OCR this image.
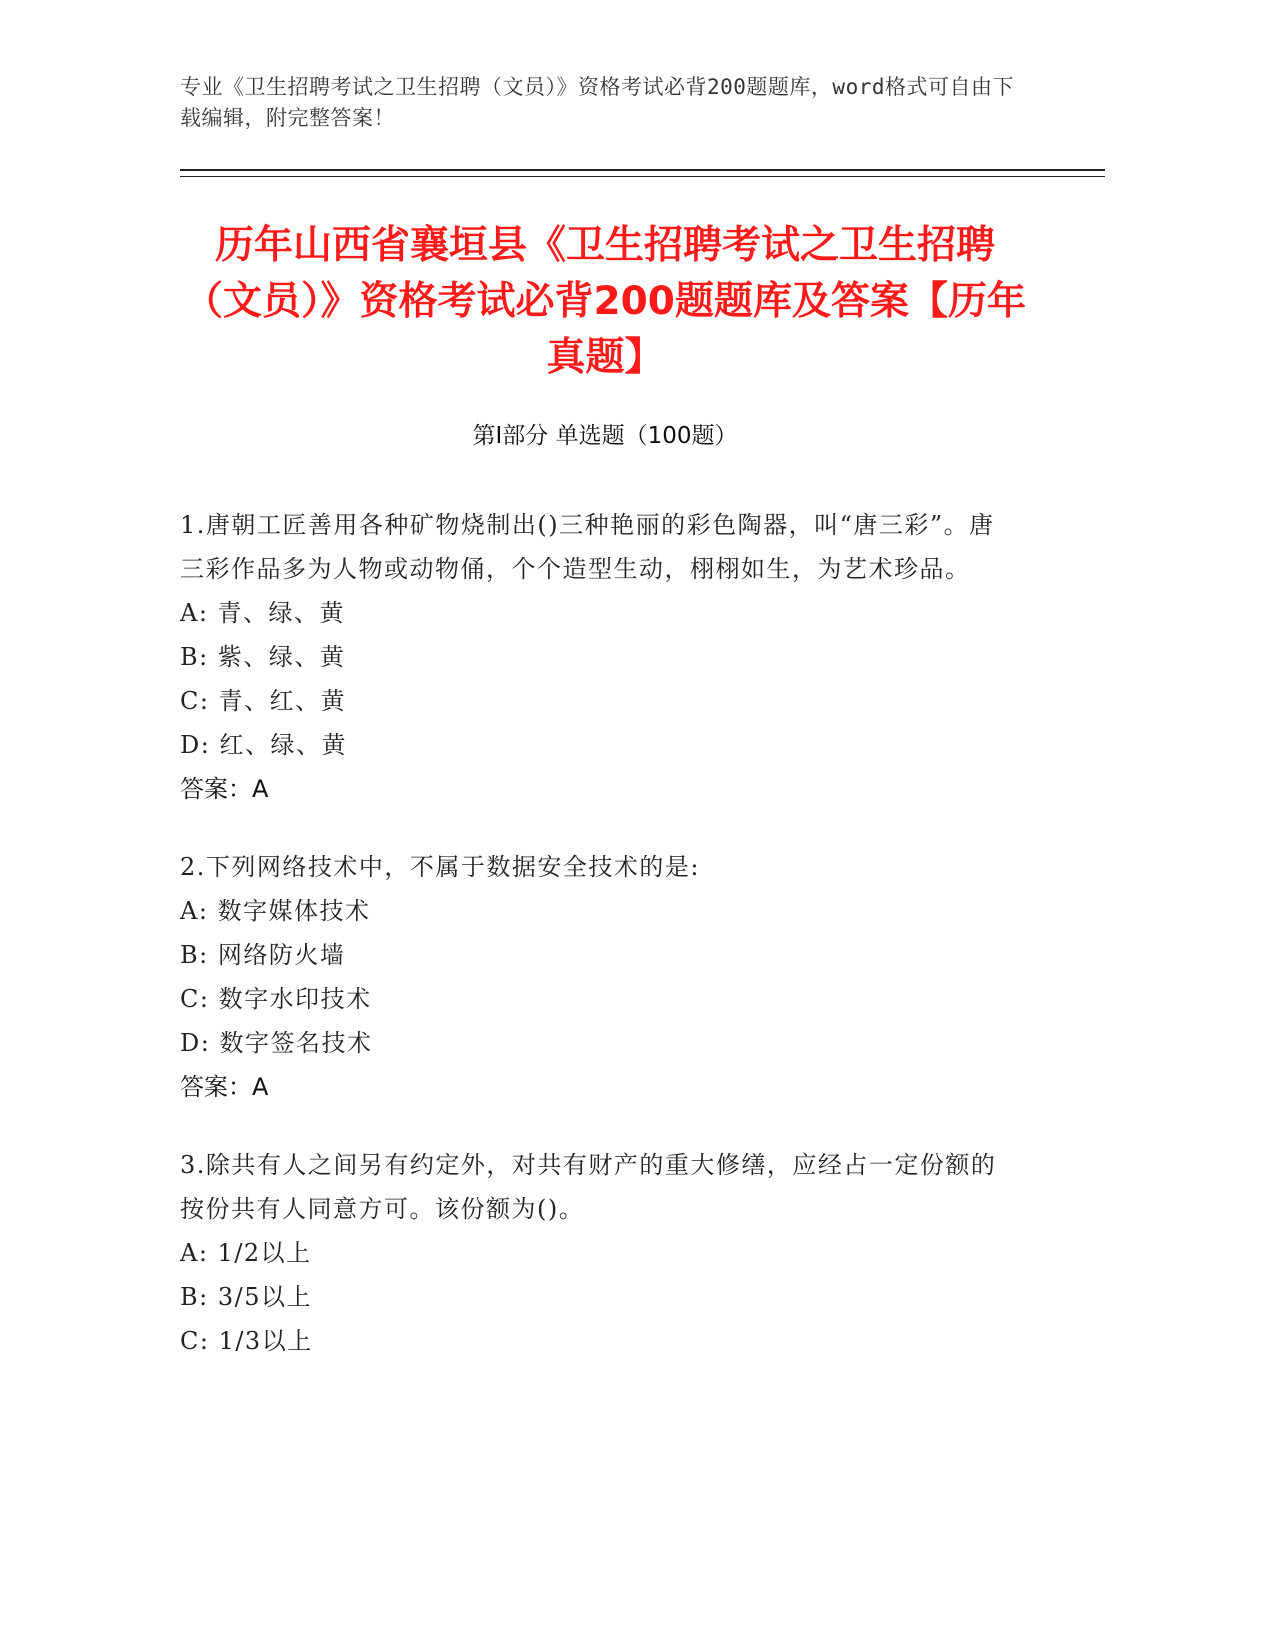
专业《卫生招聘考试之卫生招聘（文员）》资格考试必背200题题库，word格式可自由下载编辑，附完整答案！
历年山西省襄垣县《卫生招聘考试之卫生招聘（文员）》资格考试必背200题题库及答案【历年真题】
第I部分 单选题（100题）
1.唐朝工匠善用各种矿物烧制出()三种艳丽的彩色陶器，叫“唐三彩”。唐三彩作品多为人物或动物俑，个个造型生动，栩栩如生，为艺术珍品。
A: 青、绿、黄
B: 紫、绿、黄
C: 青、红、黄
D: 红、绿、黄
答案：A
2.下列网络技术中，不属于数据安全技术的是:
A: 数字媒体技术
B: 网络防火墙
C: 数字水印技术
D: 数字签名技术
答案：A
3.除共有人之间另有约定外，对共有财产的重大修缮，应经占一定份额的按份共有人同意方可。该份额为()。
A: 1/2以上
B: 3/5以上
C: 1/3以上
